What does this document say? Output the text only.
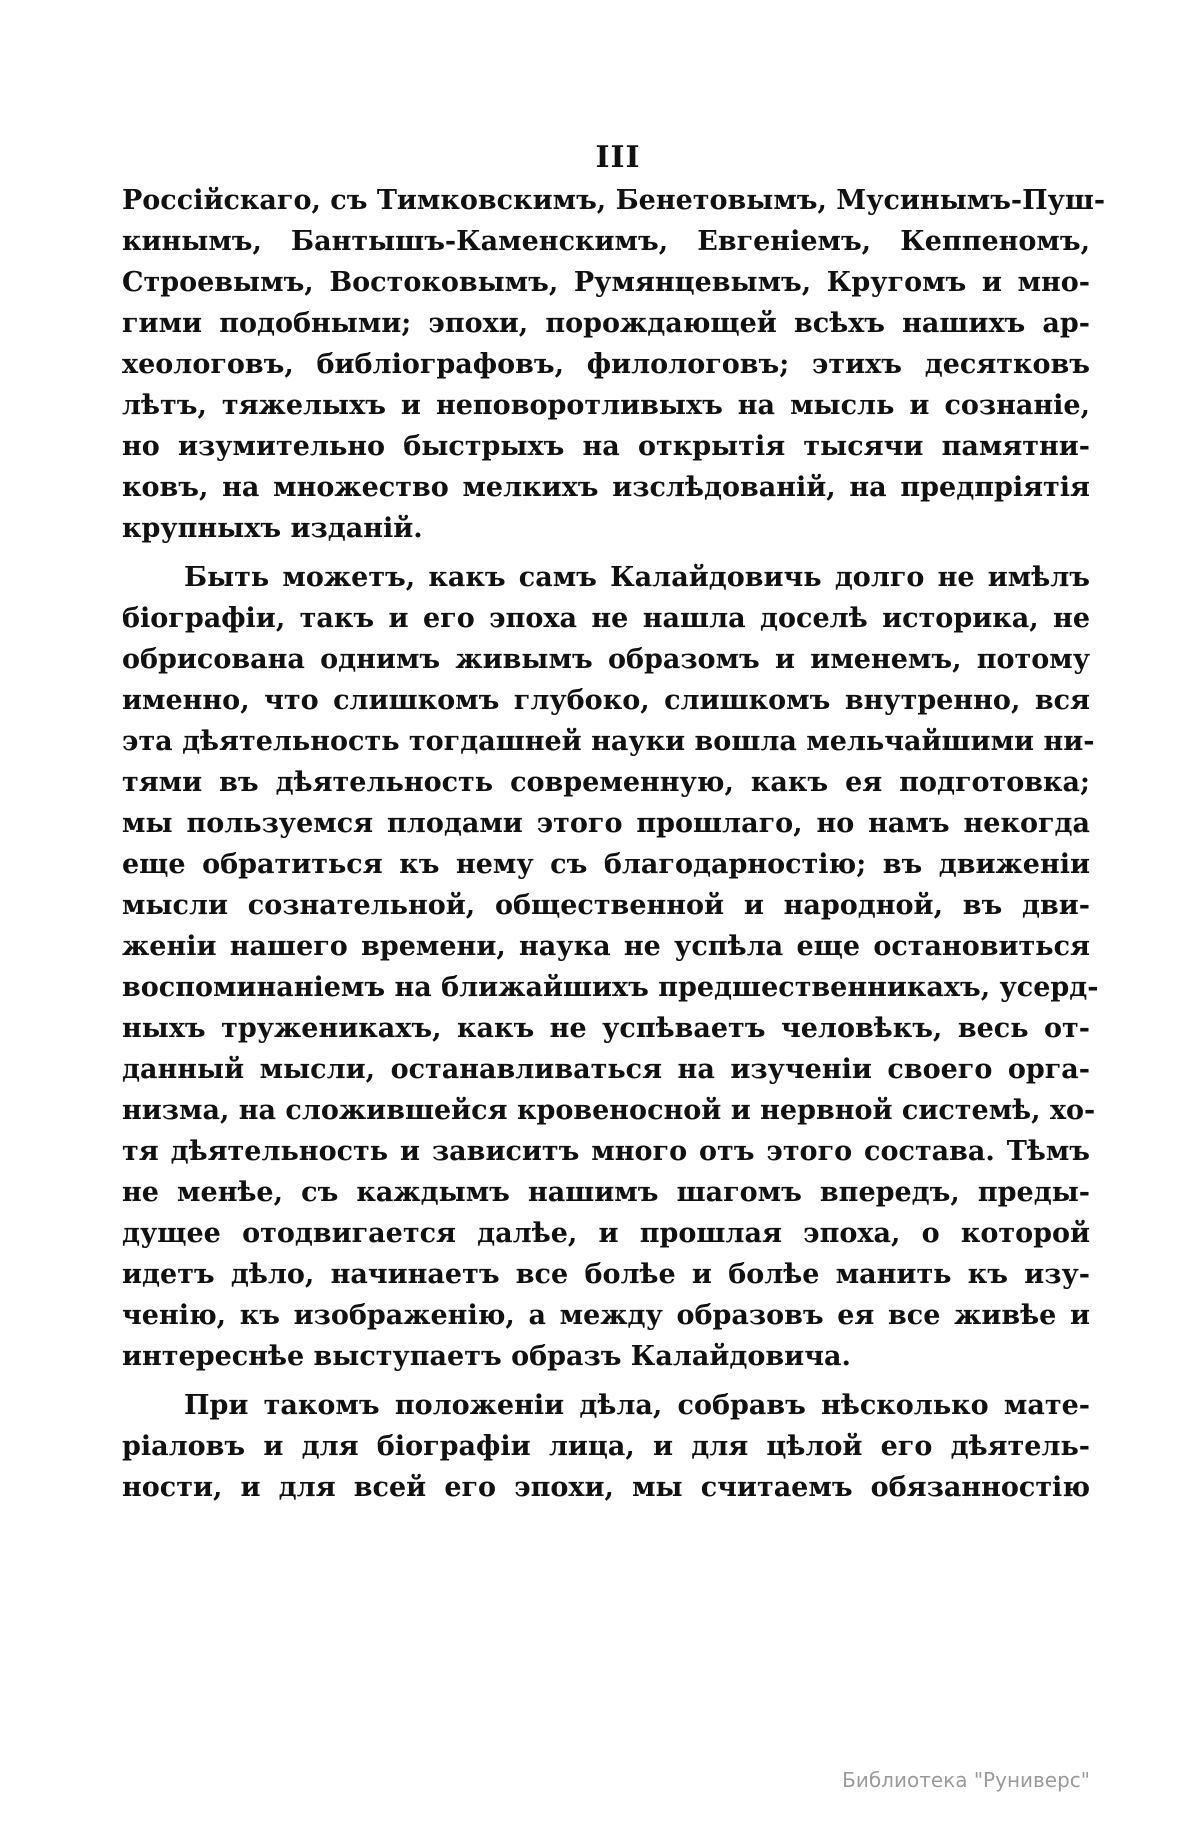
III
Россійскаго, съ Тимковскимъ, Бенетовымъ, Мусинымъ-Пуш-
кинымъ, Бантышъ-Каменскимъ, Евгеніемъ, Кеппеномъ,
Строевымъ, Востоковымъ, Румянцевымъ, Кругомъ и мно-
гими подобными; эпохи, порождающей всѣхъ нашихъ ар-
хеологовъ, библіографовъ, филологовъ; этихъ десятковъ
лѣтъ, тяжелыхъ и неповоротливыхъ на мысль и сознаніе,
но изумительно быстрыхъ на открытія тысячи памятни-
ковъ, на множество мелкихъ изслѣдованій, на предпріятія
крупныхъ изданій.
Быть можетъ, какъ самъ Калайдовичь долго не имѣлъ
біографіи, такъ и его эпоха не нашла доселѣ историка, не
обрисована однимъ живымъ образомъ и именемъ, потому
именно, что слишкомъ глубоко, слишкомъ внутренно, вся
эта дѣятельность тогдашней науки вошла мельчайшими ни-
тями въ дѣятельность современную, какъ ея подготовка;
мы пользуемся плодами этого прошлаго, но намъ некогда
еще обратиться къ нему съ благодарностію; въ движеніи
мысли сознательной, общественной и народной, въ дви-
женіи нашего времени, наука не успѣла еще остановиться
воспоминаніемъ на ближайшихъ предшественникахъ, усерд-
ныхъ труженикахъ, какъ не успѣваетъ человѣкъ, весь от-
данный мысли, останавливаться на изученіи своего орга-
низма, на сложившейся кровеносной и нервной системѣ, хо-
тя дѣятельность и зависитъ много отъ этого состава. Тѣмъ
не менѣе, съ каждымъ нашимъ шагомъ впередъ, преды-
дущее отодвигается далѣе, и прошлая эпоха, о которой
идетъ дѣло, начинаетъ все болѣе и болѣе манить къ изу-
ченію, къ изображенію, а между образовъ ея все живѣе и
интереснѣе выступаетъ образъ Калайдовича.
При такомъ положеніи дѣла, собравъ нѣсколько мате-
ріаловъ и для біографіи лица, и для цѣлой его дѣятель-
ности, и для всей его эпохи, мы считаемъ обязанностію
Библиотека "Руниверс"
